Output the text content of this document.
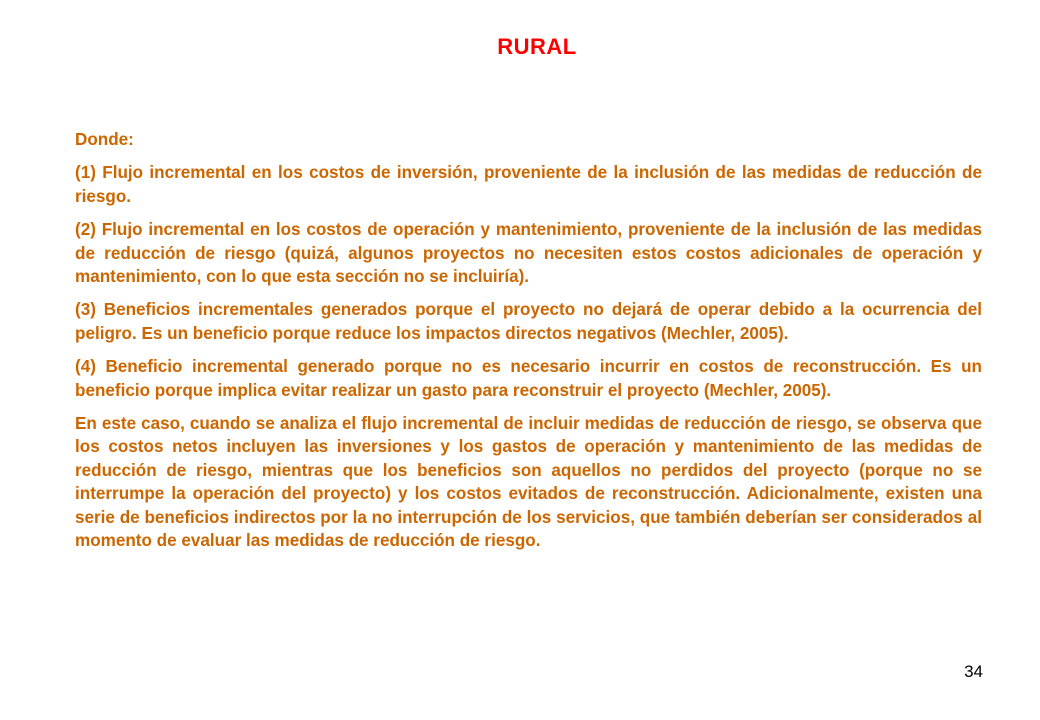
RURAL

Donde:

(1) Flujo incremental en los costos de inversión, proveniente de la inclusión de las medidas de reducción de riesgo.

(2) Flujo incremental en los costos de operación y mantenimiento, proveniente de la inclusión de las medidas de reducción de riesgo (quizá, algunos proyectos no necesiten estos costos adicionales de operación y mantenimiento, con lo que esta sección no se incluiría).

(3) Beneficios incrementales generados porque el proyecto no dejará de operar debido a la ocurrencia del peligro. Es un beneficio porque reduce los impactos directos negativos (Mechler, 2005).

(4) Beneficio incremental generado porque no es necesario incurrir en costos de reconstrucción. Es un beneficio porque implica evitar realizar un gasto para reconstruir el proyecto (Mechler, 2005).

En este caso, cuando se analiza el flujo incremental de incluir medidas de reducción de riesgo, se observa que los costos netos incluyen las inversiones y los gastos de operación y mantenimiento de las medidas de reducción de riesgo, mientras que los beneficios son aquellos no perdidos del proyecto (porque no se interrumpe la operación del proyecto) y los costos evitados de reconstrucción. Adicionalmente, existen una serie de beneficios indirectos por la no interrupción de los servicios, que también deberían ser considerados al momento de evaluar las medidas de reducción de riesgo.

34
